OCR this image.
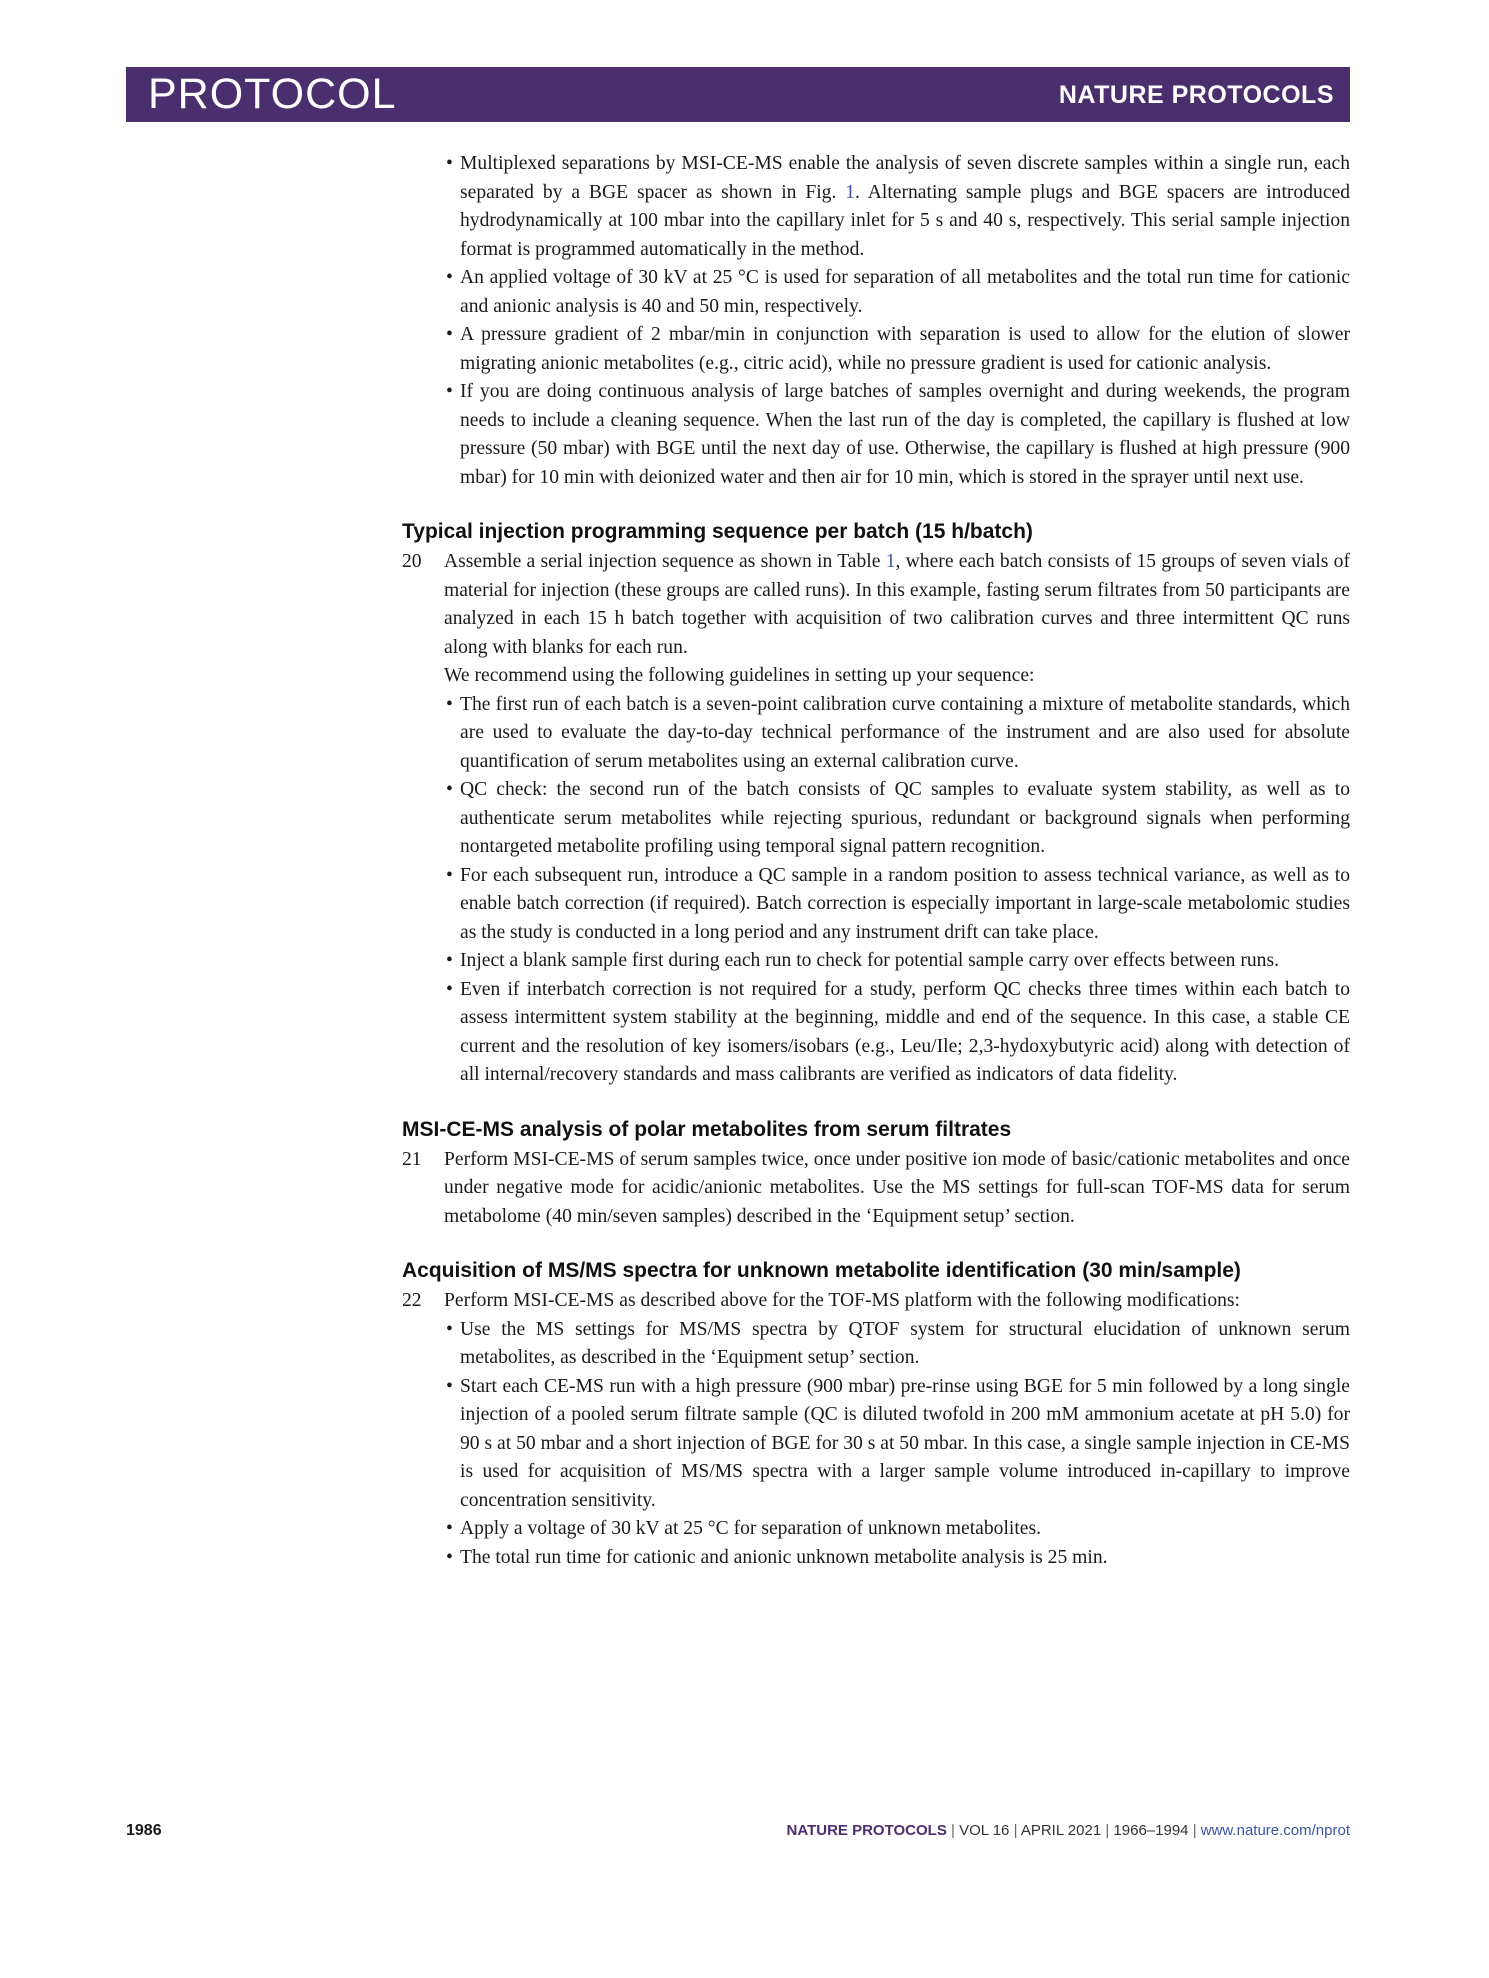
PROTOCOL	NATURE PROTOCOLS
• Multiplexed separations by MSI-CE-MS enable the analysis of seven discrete samples within a single run, each separated by a BGE spacer as shown in Fig. 1. Alternating sample plugs and BGE spacers are introduced hydrodynamically at 100 mbar into the capillary inlet for 5 s and 40 s, respectively. This serial sample injection format is programmed automatically in the method.
• An applied voltage of 30 kV at 25 °C is used for separation of all metabolites and the total run time for cationic and anionic analysis is 40 and 50 min, respectively.
• A pressure gradient of 2 mbar/min in conjunction with separation is used to allow for the elution of slower migrating anionic metabolites (e.g., citric acid), while no pressure gradient is used for cationic analysis.
• If you are doing continuous analysis of large batches of samples overnight and during weekends, the program needs to include a cleaning sequence. When the last run of the day is completed, the capillary is flushed at low pressure (50 mbar) with BGE until the next day of use. Otherwise, the capillary is flushed at high pressure (900 mbar) for 10 min with deionized water and then air for 10 min, which is stored in the sprayer until next use.
Typical injection programming sequence per batch (15 h/batch)
20 Assemble a serial injection sequence as shown in Table 1, where each batch consists of 15 groups of seven vials of material for injection (these groups are called runs). In this example, fasting serum filtrates from 50 participants are analyzed in each 15 h batch together with acquisition of two calibration curves and three intermittent QC runs along with blanks for each run.

We recommend using the following guidelines in setting up your sequence:

• The first run of each batch is a seven-point calibration curve containing a mixture of metabolite standards, which are used to evaluate the day-to-day technical performance of the instrument and are also used for absolute quantification of serum metabolites using an external calibration curve.
• QC check: the second run of the batch consists of QC samples to evaluate system stability, as well as to authenticate serum metabolites while rejecting spurious, redundant or background signals when performing nontargeted metabolite profiling using temporal signal pattern recognition.
• For each subsequent run, introduce a QC sample in a random position to assess technical variance, as well as to enable batch correction (if required). Batch correction is especially important in large-scale metabolomic studies as the study is conducted in a long period and any instrument drift can take place.
• Inject a blank sample first during each run to check for potential sample carry over effects between runs.
• Even if interbatch correction is not required for a study, perform QC checks three times within each batch to assess intermittent system stability at the beginning, middle and end of the sequence. In this case, a stable CE current and the resolution of key isomers/isobars (e.g., Leu/Ile; 2,3-hydoxybutyric acid) along with detection of all internal/recovery standards and mass calibrants are verified as indicators of data fidelity.
MSI-CE-MS analysis of polar metabolites from serum filtrates
21 Perform MSI-CE-MS of serum samples twice, once under positive ion mode of basic/cationic metabolites and once under negative mode for acidic/anionic metabolites. Use the MS settings for full-scan TOF-MS data for serum metabolome (40 min/seven samples) described in the ‘Equipment setup’ section.

Acquisition of MS/MS spectra for unknown metabolite identification (30 min/sample)
22 Perform MSI-CE-MS as described above for the TOF-MS platform with the following modifications:

• Use the MS settings for MS/MS spectra by QTOF system for structural elucidation of unknown serum metabolites, as described in the ‘Equipment setup’ section.
• Start each CE-MS run with a high pressure (900 mbar) pre-rinse using BGE for 5 min followed by a long single injection of a pooled serum filtrate sample (QC is diluted twofold in 200 mM ammonium acetate at pH 5.0) for 90 s at 50 mbar and a short injection of BGE for 30 s at 50 mbar. In this case, a single sample injection in CE-MS is used for acquisition of MS/MS spectra with a larger sample volume introduced in-capillary to improve concentration sensitivity.
• Apply a voltage of 30 kV at 25 °C for separation of unknown metabolites.
• The total run time for cationic and anionic unknown metabolite analysis is 25 min.
1986	NATURE PROTOCOLS | VOL 16 | APRIL 2021 | 1966–1994 | www.nature.com/nprot
